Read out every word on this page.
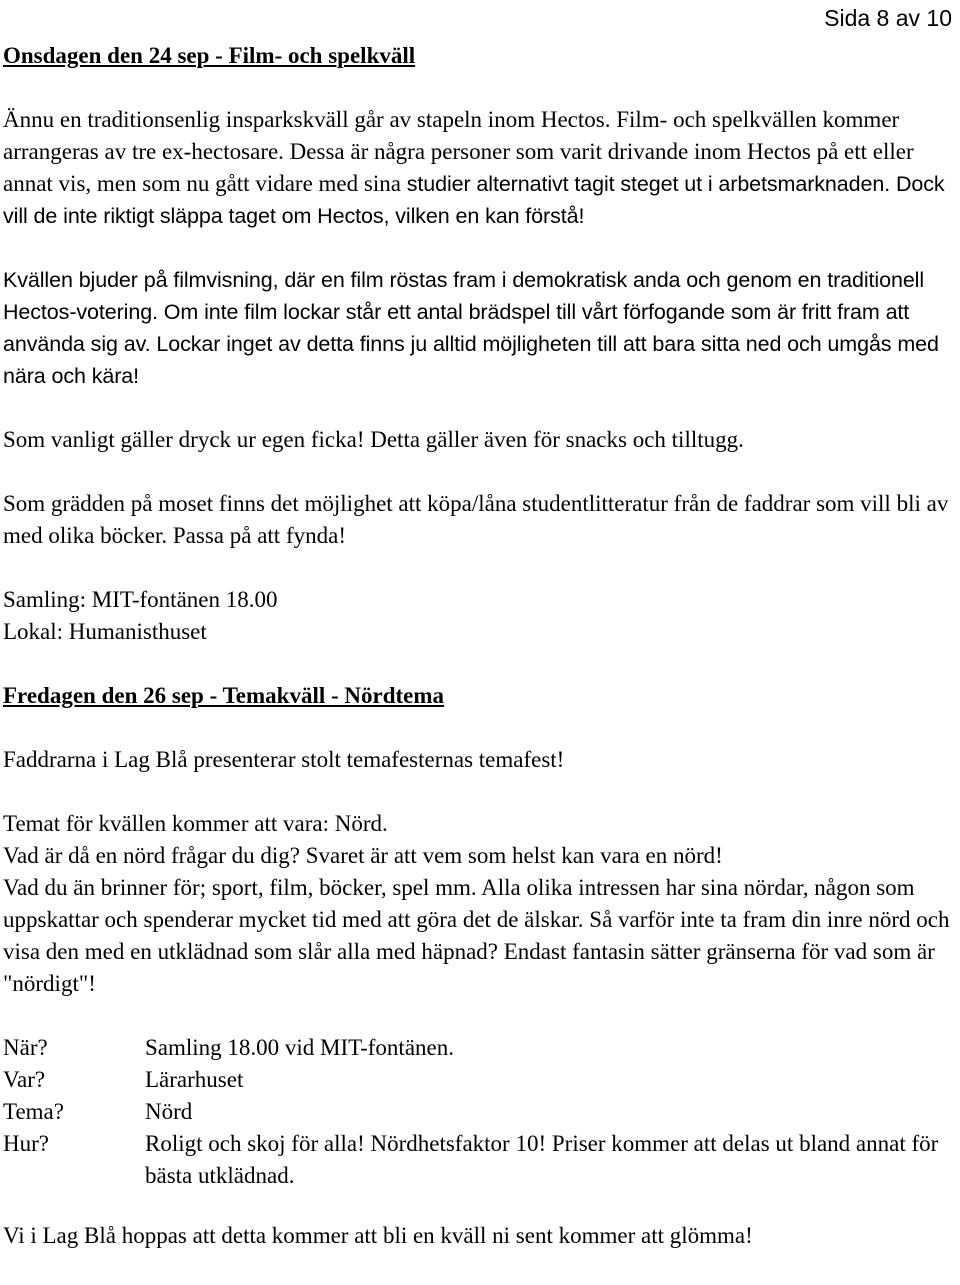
Sida 8 av 10

Onsdagen den 24 sep - Film- och spelkväll

Ännu en traditionsenlig insparkskväll går av stapeln inom Hectos. Film- och spelkvällen kommer arrangeras av tre ex-hectosare. Dessa är några personer som varit drivande inom Hectos på ett eller annat vis, men som nu gått vidare med sina studier alternativt tagit steget ut i arbetsmarknaden. Dock vill de inte riktigt släppa taget om Hectos, vilken en kan förstå!

Kvällen bjuder på filmvisning, där en film röstas fram i demokratisk anda och genom en traditionell Hectos-votering. Om inte film lockar står ett antal brädspel till vårt förfogande som är fritt fram att använda sig av. Lockar inget av detta finns ju alltid möjligheten till att bara sitta ned och umgås med nära och kära!

Som vanligt gäller dryck ur egen ficka! Detta gäller även för snacks och tilltugg.

Som grädden på moset finns det möjlighet att köpa/låna studentlitteratur från de faddrar som vill bli av med olika böcker. Passa på att fynda!

Samling: MIT-fontänen 18.00

Lokal: Humanisthuset

Fredagen den 26 sep - Temakväll - Nördtema

Faddrarna i Lag Blå presenterar stolt temafesternas temafest!

Temat för kvällen kommer att vara: Nörd.

Vad är då en nörd frågar du dig? Svaret är att vem som helst kan vara en nörd!

Vad du än brinner för; sport, film, böcker, spel mm. Alla olika intressen har sina nördar, någon som uppskattar och spenderar mycket tid med att göra det de älskar. Så varför inte ta fram din inre nörd och visa den med en utklädnad som slår alla med häpnad? Endast fantasin sätter gränserna för vad som är "nördigt"!

När?	Samling 18.00 vid MIT-fontänen.
Var?	Lärarhuset
Tema?	Nörd
Hur?	Roligt och skoj för alla! Nördhetsfaktor 10! Priser kommer att delas ut bland annat för bästa utklädnad.

Vi i Lag Blå hoppas att detta kommer att bli en kväll ni sent kommer att glömma!
